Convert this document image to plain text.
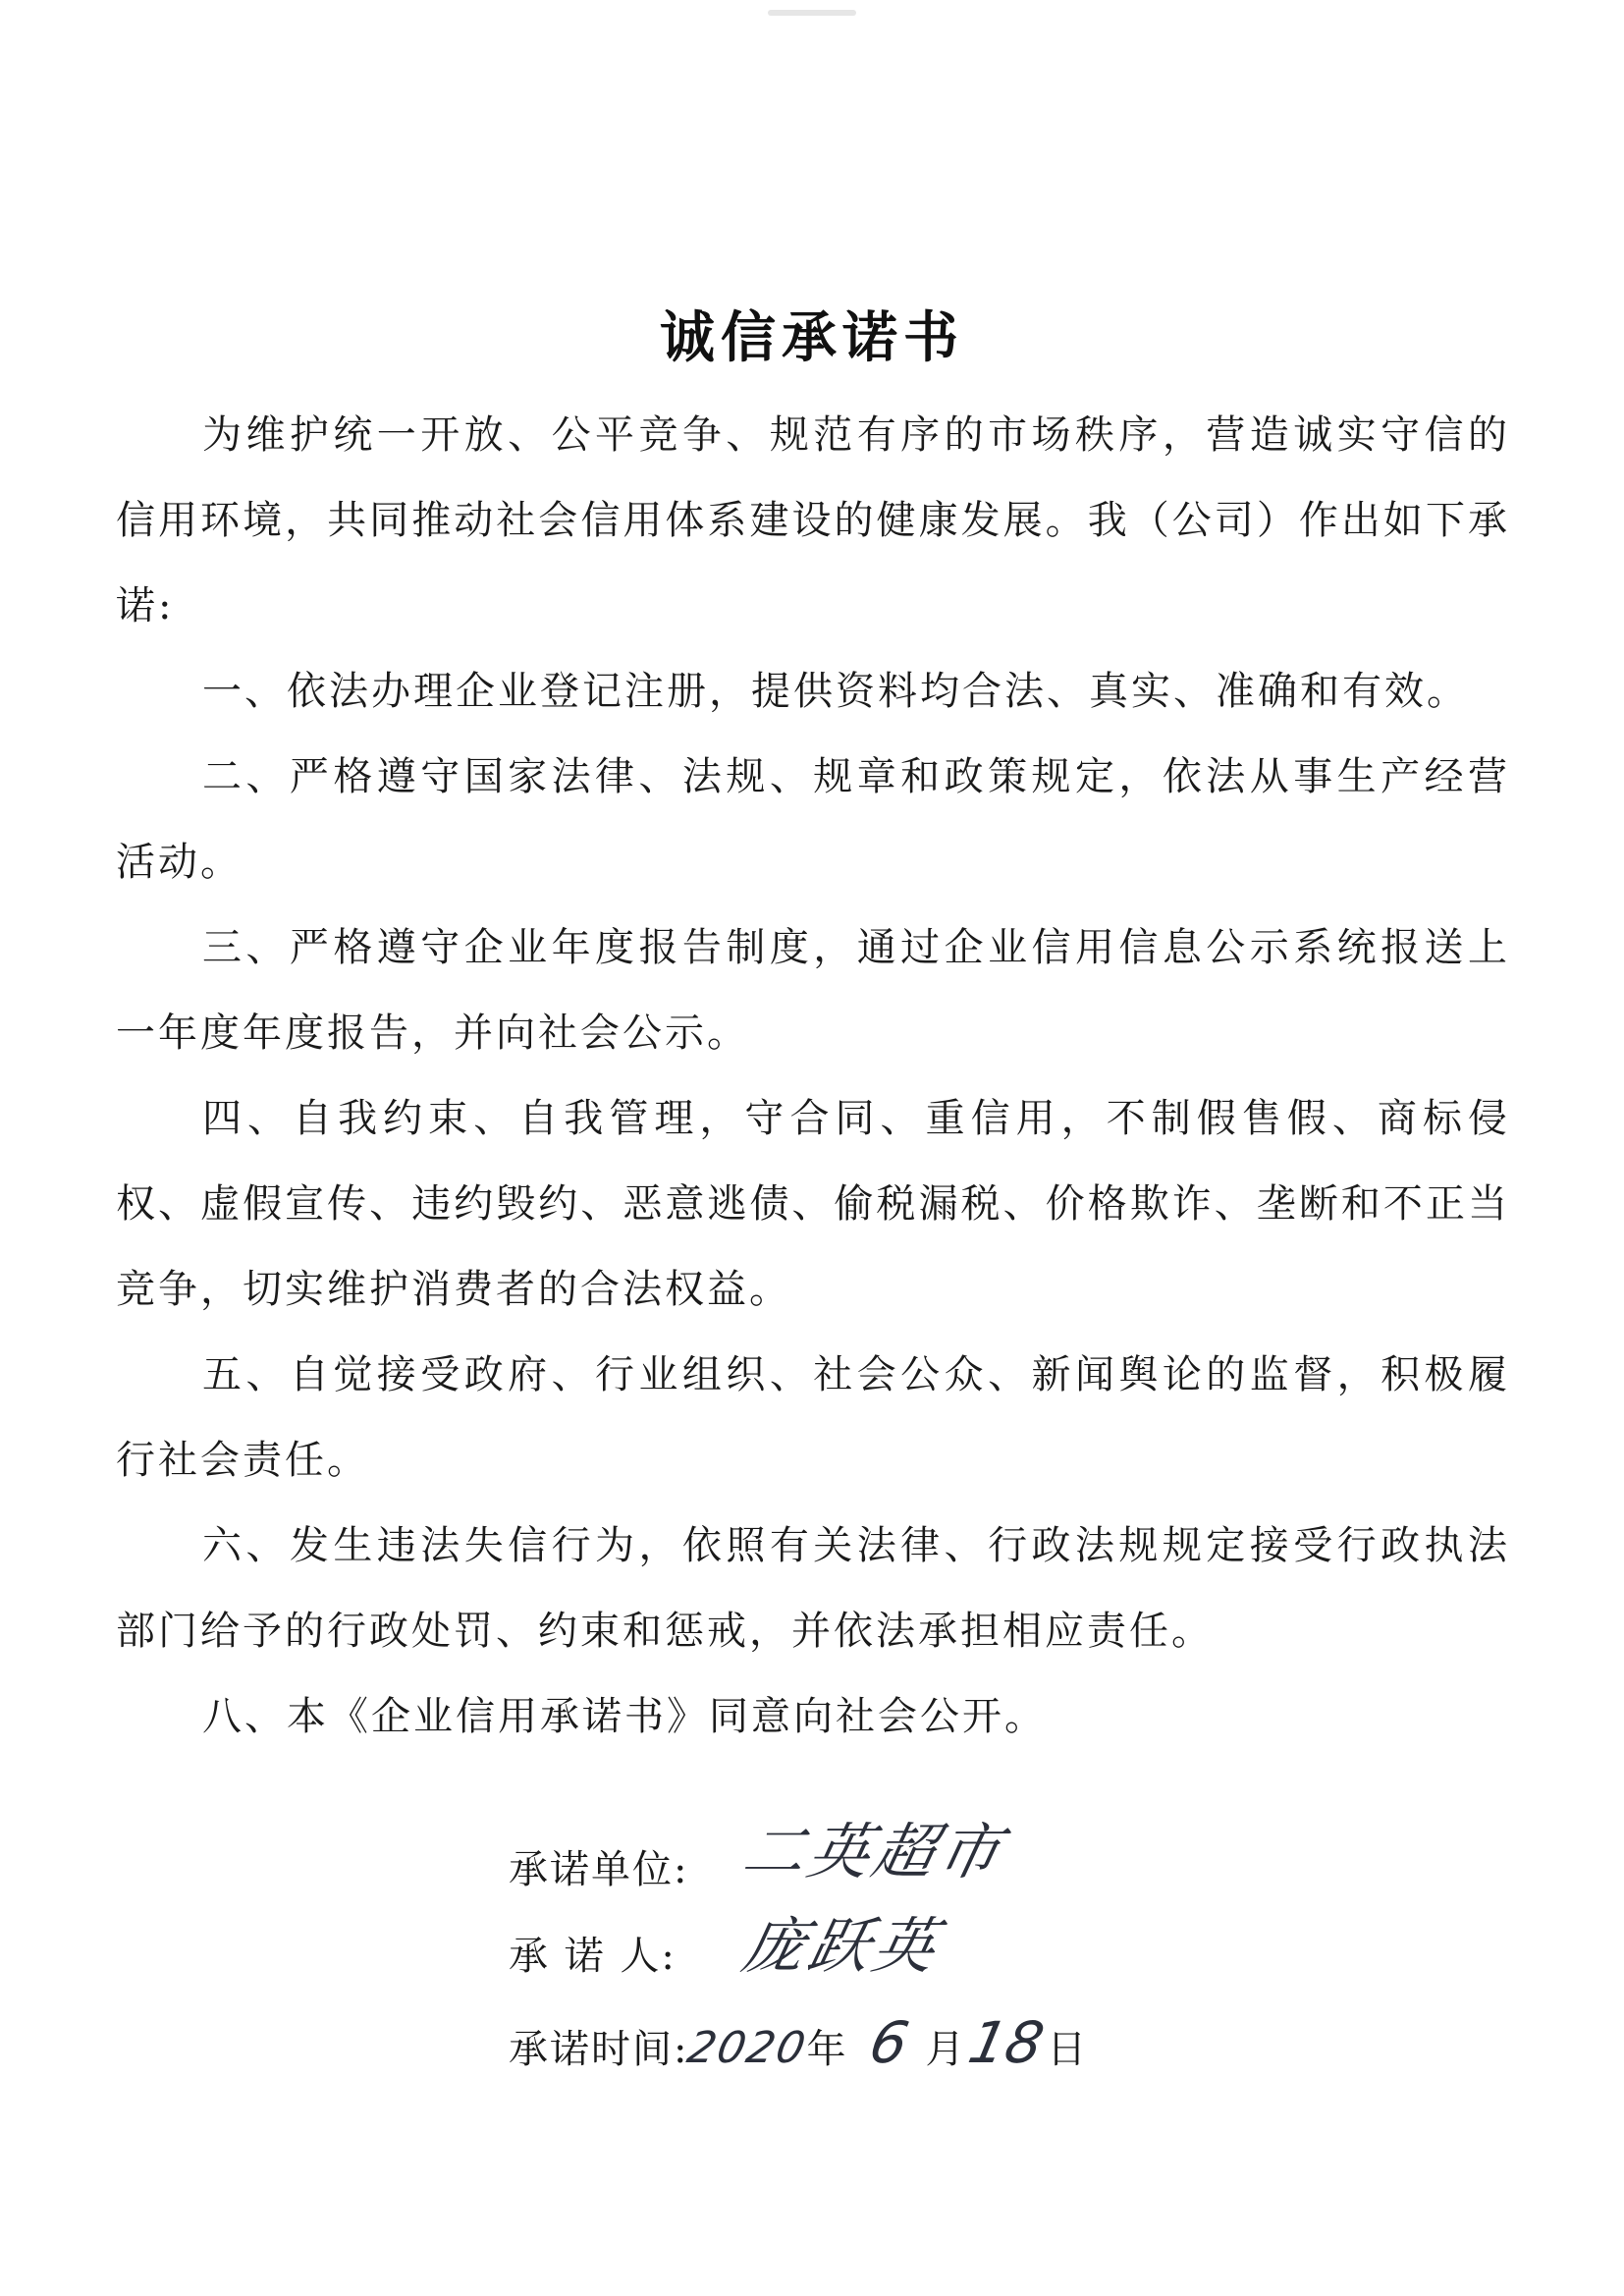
诚信承诺书

为维护统一开放、公平竞争、规范有序的市场秩序，营造诚实守信的信用环境，共同推动社会信用体系建设的健康发展。我（公司）作出如下承诺:

一、依法办理企业登记注册，提供资料均合法、真实、准确和有效。

二、严格遵守国家法律、法规、规章和政策规定，依法从事生产经营活动。

三、严格遵守企业年度报告制度，通过企业信用信息公示系统报送上一年度年度报告，并向社会公示。

四、自我约束、自我管理，守合同、重信用，不制假售假、商标侵权、虚假宣传、违约毁约、恶意逃债、偷税漏税、价格欺诈、垄断和不正当竞争，切实维护消费者的合法权益。

五、自觉接受政府、行业组织、社会公众、新闻舆论的监督，积极履行社会责任。

六、发生违法失信行为，依照有关法律、行政法规规定接受行政执法部门给予的行政处罚、约束和惩戒，并依法承担相应责任。

八、本《企业信用承诺书》同意向社会公开。

承诺单位: 二英超市
承 诺 人: 庞跃英
承诺时间:2020年 6 月18日
